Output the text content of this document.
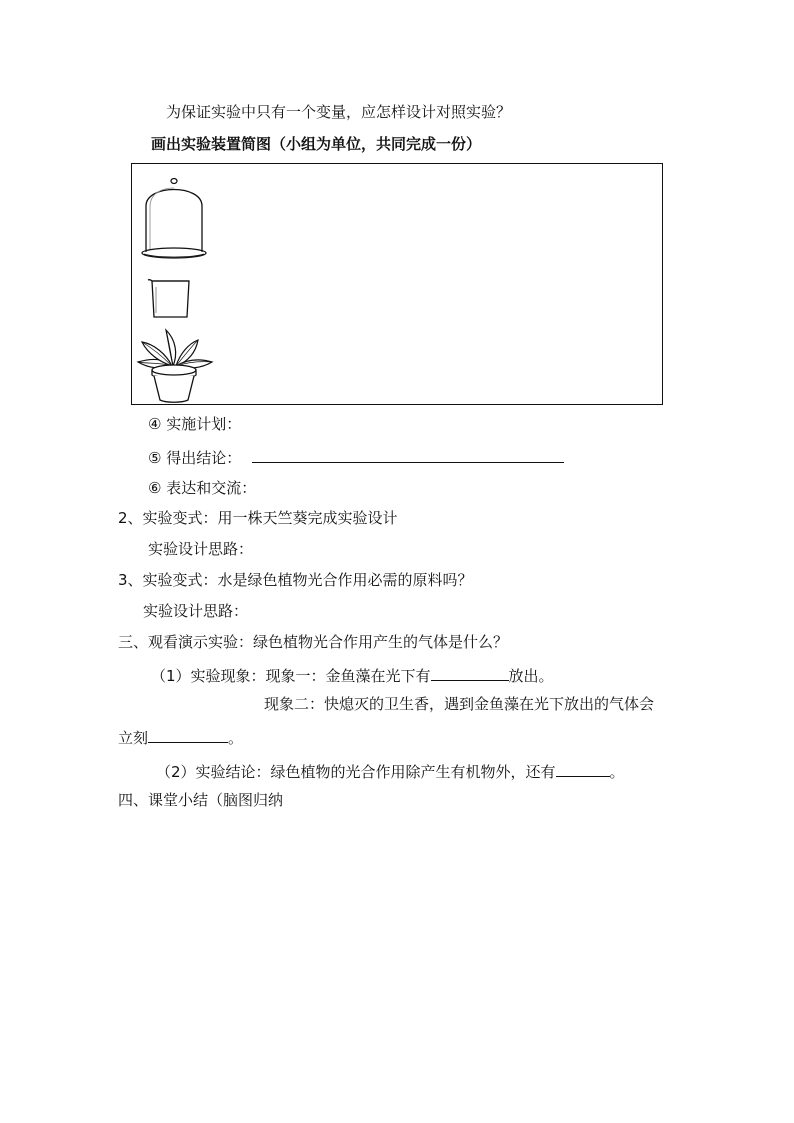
为保证实验中只有一个变量，应怎样设计对照实验？
画出实验装置简图（小组为单位，共同完成一份）
④ 实施计划：
⑤ 得出结论：
⑥ 表达和交流：
2、实验变式：用一株天竺葵完成实验设计
实验设计思路：
3、实验变式：水是绿色植物光合作用必需的原料吗？
实验设计思路：
三、观看演示实验：绿色植物光合作用产生的气体是什么？
（1）实验现象：现象一：金鱼藻在光下有	放出。
现象二：快熄灭的卫生香，遇到金鱼藻在光下放出的气体会
立刻	。
（2）实验结论：绿色植物的光合作用除产生有机物外，还有	。
四、课堂小结（脑图归纳
